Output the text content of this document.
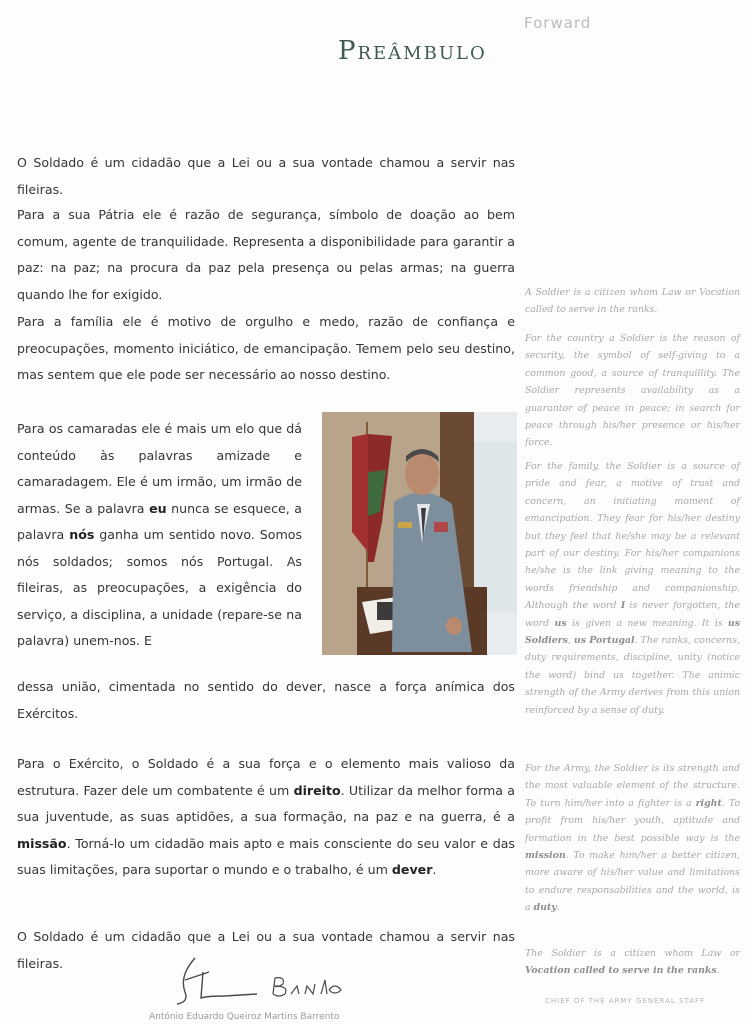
Forward
Preâmbulo

O Soldado é um cidadão que a Lei ou a sua vontade chamou a servir nas fileiras.

Para a sua Pátria ele é razão de segurança, símbolo de doação ao bem comum, agente de tranquilidade. Representa a disponibilidade para garantir a paz: na paz; na procura da paz pela presença ou pelas armas; na guerra quando lhe for exigido.

Para a família ele é motivo de orgulho e medo, razão de confiança e preocupações, momento iniciático, de emancipação. Temem pelo seu destino, mas sentem que ele pode ser necessário ao nosso destino.

Para os camaradas ele é mais um elo que dá conteúdo às palavras amizade e camaradagem. Ele é um irmão, um irmão de armas. Se a palavra eu nunca se esquece, a palavra nós ganha um sentido novo. Somos nós soldados; somos nós Portugal. As fileiras, as preocupações, a exigência do serviço, a disciplina, a unidade (repare-se na palavra) unem-nos. E

dessa união, cimentada no sentido do dever, nasce a força anímica dos Exércitos.

Para o Exército, o Soldado é a sua força e o elemento mais valioso da estrutura. Fazer dele um combatente é um direito. Utilizar da melhor forma a sua juventude, as suas aptidões, a sua formação, na paz e na guerra, é a missão. Torná-lo um cidadão mais apto e mais consciente do seu valor e das suas limitações, para suportar o mundo e o trabalho, é um dever.

O Soldado é um cidadão que a Lei ou a sua vontade chamou a servir nas fileiras.

A Soldier is a citizen whom Law or Vocation called to serve in the ranks.

For the country a Soldier is the reason of security, the symbol of self-giving to a common good, a source of tranquillity. The Soldier represents availability as a guarantor of peace in peace; in search for peace through his/her presence or his/her force.

For the family, the Soldier is a source of pride and fear, a motive of trust and concern, an initiating moment of emancipation. They fear for his/her destiny but they feel that he/she may be a relevant part of our destiny. For his/her companions he/she is the link giving meaning to the words friendship and companionship. Although the word I is never forgotten, the word us is given a new meaning. It is us Soldiers, us Portugal. The ranks, concerns, duty requirements, discipline, unity (notice the word) bind us together. The animic strength of the Army derives from this union reinforced by a sense of duty.

For the Army, the Soldier is its strength and the most valuable element of the structure. To turn him/her into a fighter is a right. To profit from his/her youth, aptitude and formation in the best possible way is the mission. To make him/her a better citizen, more aware of his/her value and limitations to endure responsabilities and the world, is a duty.

The Soldier is a citizen whom Law or Vocation called to serve in the ranks.

António Eduardo Queiroz Martins Barrento
CHIEF OF THE ARMY GENERAL STAFF
